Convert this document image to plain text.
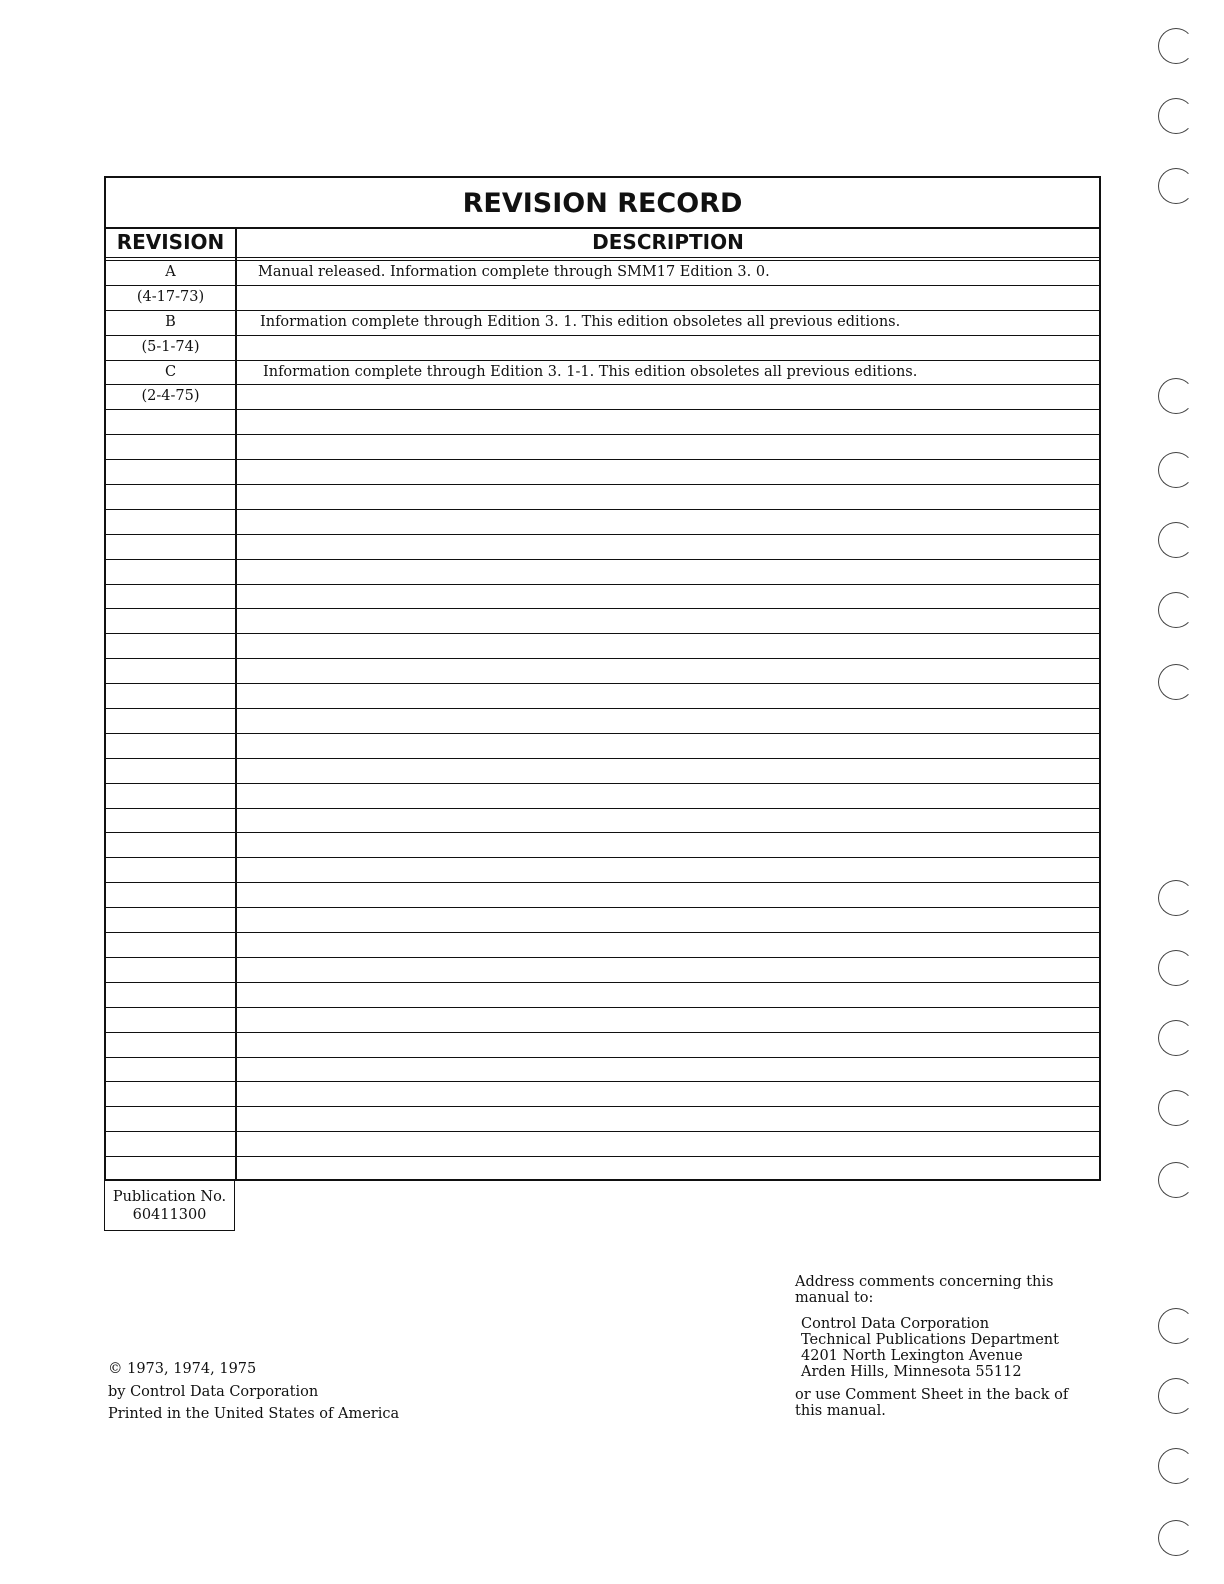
REVISION RECORD
REVISION	DESCRIPTION
A	Manual released. Information complete through SMM17 Edition 3. 0.
(4-17-73)
B	Information complete through Edition 3. 1. This edition obsoletes all previous editions.
(5-1-74)
C	Information complete through Edition 3. 1-1. This edition obsoletes all previous editions.
(2-4-75)
Publication No.
60411300
© 1973, 1974, 1975
by Control Data Corporation
Printed in the United States of America
Address comments concerning this
manual to:
Control Data Corporation
Technical Publications Department
4201 North Lexington Avenue
Arden Hills, Minnesota 55112
or use Comment Sheet in the back of
this manual.
